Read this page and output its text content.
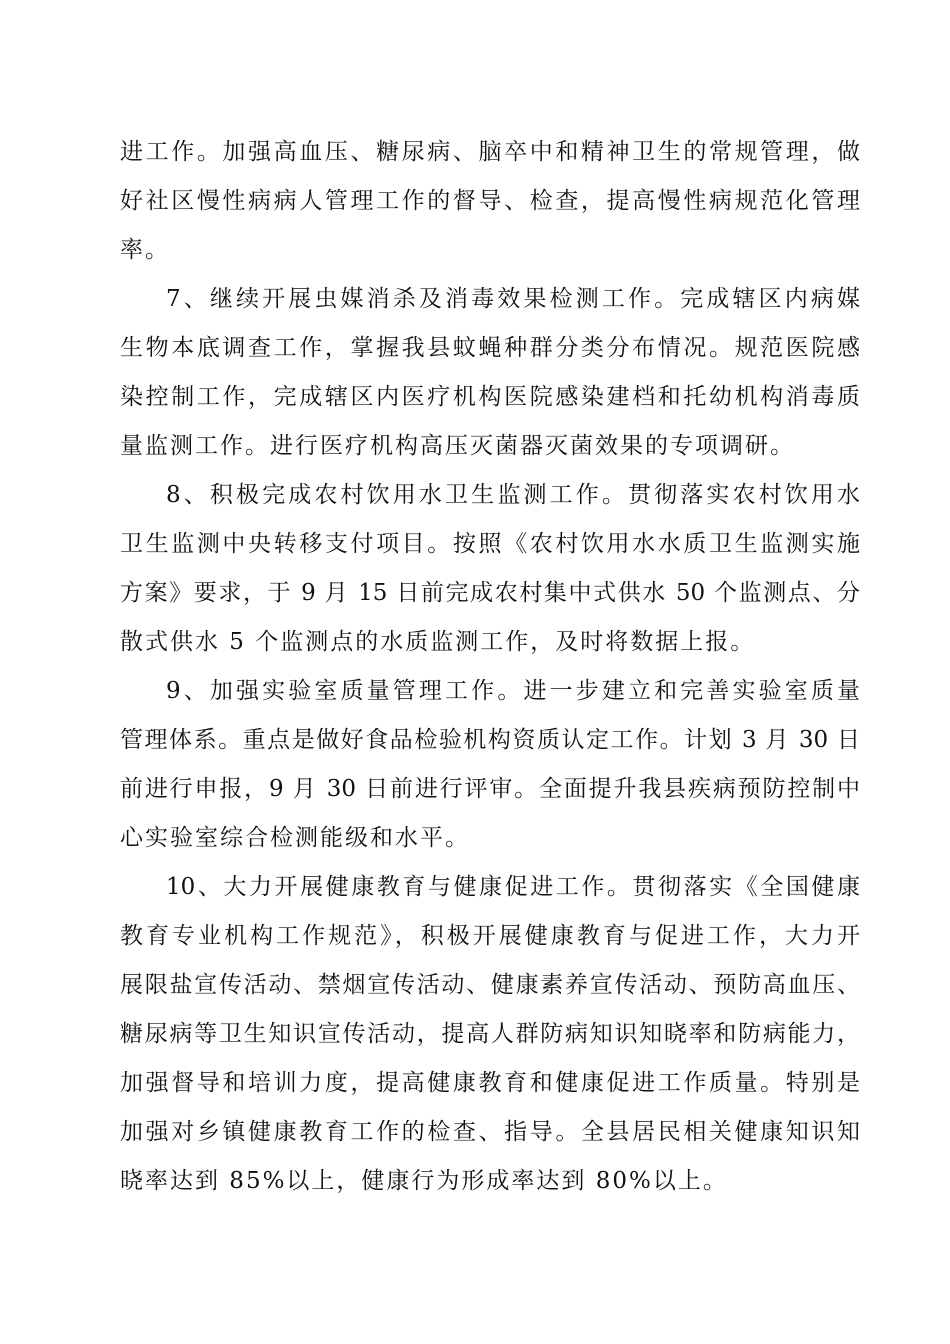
进工作。加强高血压、糖尿病、脑卒中和精神卫生的常规管理，做
好社区慢性病病人管理工作的督导、检查，提高慢性病规范化管理
率。
7、继续开展虫媒消杀及消毒效果检测工作。完成辖区内病媒
生物本底调查工作，掌握我县蚊蝇种群分类分布情况。规范医院感
染控制工作，完成辖区内医疗机构医院感染建档和托幼机构消毒质
量监测工作。进行医疗机构高压灭菌器灭菌效果的专项调研。
8、积极完成农村饮用水卫生监测工作。贯彻落实农村饮用水
卫生监测中央转移支付项目。按照《农村饮用水水质卫生监测实施
方案》要求，于 9 月 15 日前完成农村集中式供水 50 个监测点、分
散式供水 5 个监测点的水质监测工作，及时将数据上报。
9、加强实验室质量管理工作。进一步建立和完善实验室质量
管理体系。重点是做好食品检验机构资质认定工作。计划 3 月 30 日
前进行申报，9 月 30 日前进行评审。全面提升我县疾病预防控制中
心实验室综合检测能级和水平。
10、大力开展健康教育与健康促进工作。贯彻落实《全国健康
教育专业机构工作规范》，积极开展健康教育与促进工作，大力开
展限盐宣传活动、禁烟宣传活动、健康素养宣传活动、预防高血压、
糖尿病等卫生知识宣传活动，提高人群防病知识知晓率和防病能力，
加强督导和培训力度，提高健康教育和健康促进工作质量。特别是
加强对乡镇健康教育工作的检查、指导。全县居民相关健康知识知
晓率达到 85%以上，健康行为形成率达到 80%以上。
